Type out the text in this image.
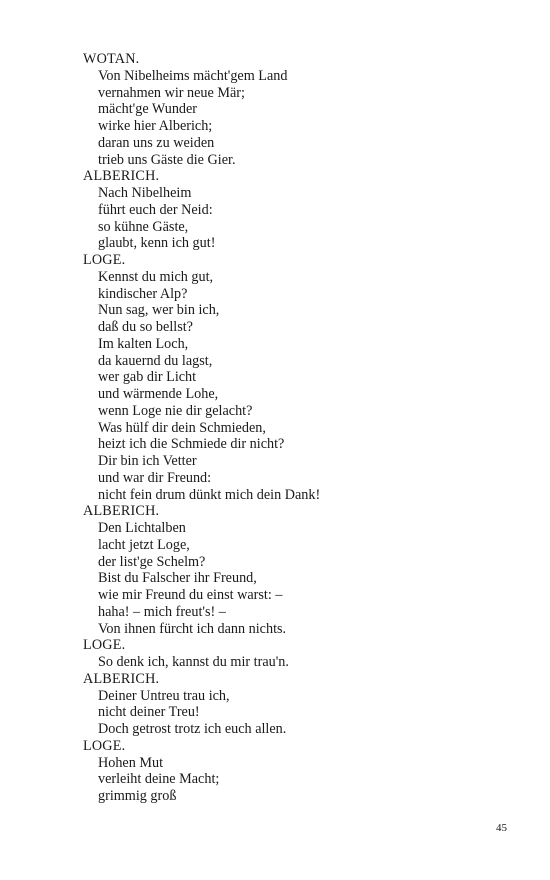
WOTAN.
Von Nibelheims mächt'gem Land
vernahmen wir neue Mär;
mächt'ge Wunder
wirke hier Alberich;
daran uns zu weiden
trieb uns Gäste die Gier.
ALBERICH.
Nach Nibelheim
führt euch der Neid:
so kühne Gäste,
glaubt, kenn ich gut!
LOGE.
Kennst du mich gut,
kindischer Alp?
Nun sag, wer bin ich,
daß du so bellst?
Im kalten Loch,
da kauernd du lagst,
wer gab dir Licht
und wärmende Lohe,
wenn Loge nie dir gelacht?
Was hülf dir dein Schmieden,
heizt ich die Schmiede dir nicht?
Dir bin ich Vetter
und war dir Freund:
nicht fein drum dünkt mich dein Dank!
ALBERICH.
Den Lichtalben
lacht jetzt Loge,
der list'ge Schelm?
Bist du Falscher ihr Freund,
wie mir Freund du einst warst: –
haha! – mich freut's! –
Von ihnen fürcht ich dann nichts.
LOGE.
So denk ich, kannst du mir trau'n.
ALBERICH.
Deiner Untreu trau ich,
nicht deiner Treu!
Doch getrost trotz ich euch allen.
LOGE.
Hohen Mut
verleiht deine Macht;
grimmig groß
45
